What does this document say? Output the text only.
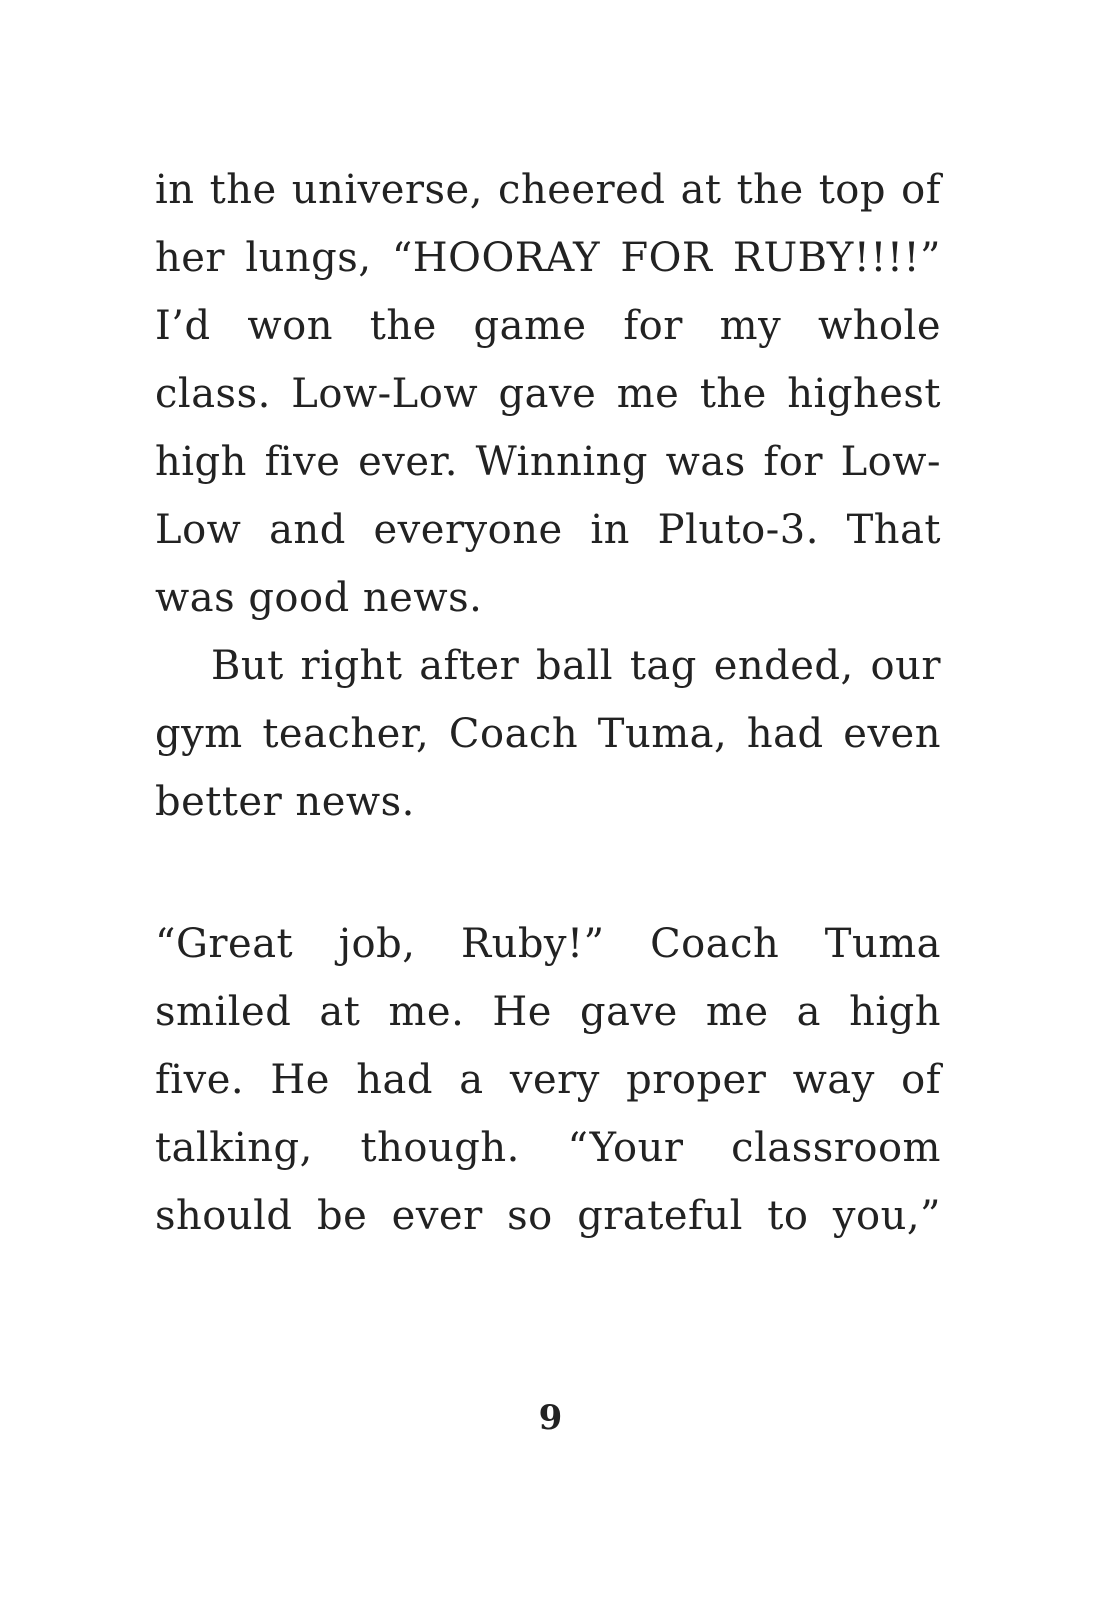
in the universe, cheered at the top of
her lungs, “HOORAY FOR RUBY!!!!”
I’d won the game for my whole
class. Low-Low gave me the highest
high five ever. Winning was for Low-
Low and everyone in Pluto-3. That
was good news.
But right after ball tag ended, our
gym teacher, Coach Tuma, had even
better news.
“Great job, Ruby!” Coach Tuma
smiled at me. He gave me a high
five. He had a very proper way of
talking, though. “Your classroom
should be ever so grateful to you,”
9
